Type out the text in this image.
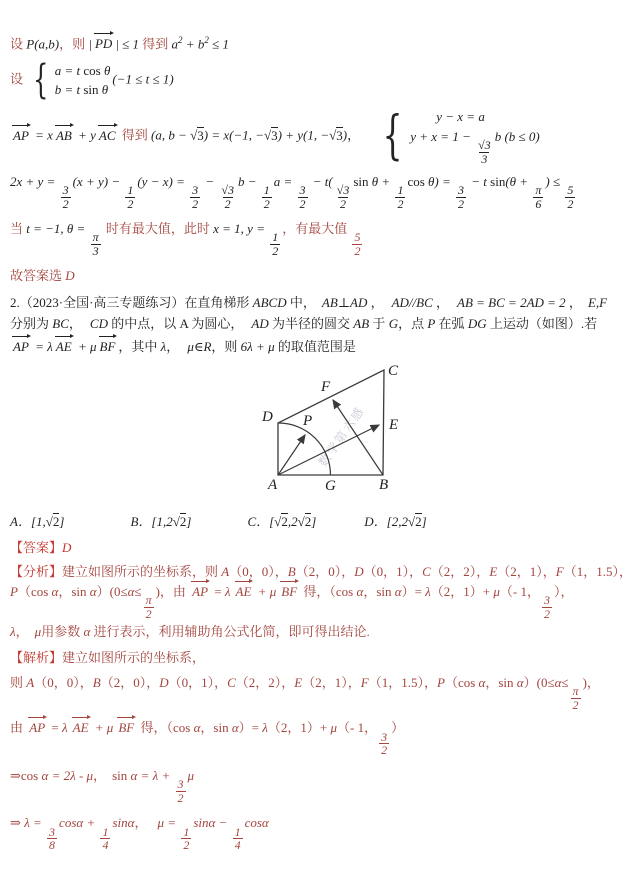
设 P(a,b)，则 | PD | ≤ 1 得到 $a^2 + b^2 \le 1$
设 { a = t cos θ
b = t sin θ
(−1 ≤ t ≤ 1)
AP = x AB + y AC 得到 (a, b − √3) = x(−1, −√3) + y(1, −√3)， {	y − x = a
y + x = 1 −
$\frac{√3}{3}$
b (b ≤ 0)
2x + y =
$\frac{3}{2}$
(x + y) −
$\frac{1}{2}$
(y − x) =
$\frac{3}{2}$
−
$\frac{√3}{2}$
b −
$\frac{1}{2}$
a =
$\frac{3}{2}$
− t(
$\frac{√3}{2}$
sin θ +
$\frac{1}{2}$
cos θ) =
$\frac{3}{2}$
− t sin(θ +
$\frac{\pi}{6}$
) ≤
$\frac{5}{2}$
当 t = −1, θ =
$\frac{\pi}{3}$
时有最大值，此时 x = 1, y =
$\frac{1}{2}$
，有最大值
$\frac{5}{2}$
故答案选 D
2.（2023·全国·高三专题练习）在直角梯形 ABCD 中， AB⊥AD ， AD//BC ， AB = BC = 2AD = 2 ， E,F
分别为 BC， CD 的中点，以 A 为圆心， AD 为半径的圆交 AB 于 G，点 P 在弧 DG 上运动（如图）.若
AP = λ AE + μ BF ，其中 λ， μ∈R，则 6λ + μ 的取值范围是
数学第六感
A	B
C
D	E
F
G
P
A．[1,√2]	B．[1,2√2]	C．[√2,2√2]	D．[2,2√2]
【答案】D
【分析】建立如图所示的坐标系，则 A（0，0），B（2，0），D（0，1），C（2，2），E（2，1），F（1，1.5），
P（cos α，sin α）(0≤α≤
$\frac{\pi}{2}$
)，由 AP = λ AE + μ BF 得，（cos α，sin α）= λ（2，1）+ μ（- 1，
$\frac{3}{2}$
），
λ， μ用参数 α 进行表示，利用辅助角公式化简，即可得出结论.
【解析】建立如图所示的坐标系，
则 A（0，0），B（2，0），D（0，1），C（2，2），E（2，1），F（1，1.5），P（cos α，sin α）(0≤α≤
$\frac{\pi}{2}$
)，
由 AP = λ AE + μ BF 得，（cos α，sin α）= λ（2，1）+ μ（- 1，
$\frac{3}{2}$
）
⇒cos α = 2λ - μ， sin α = λ +
$\frac{3}{2}$
μ
⇒ λ =
$\frac{3}{8}$
cosα +
$\frac{1}{4}$
sinα， μ =
$\frac{1}{2}$
sinα −
$\frac{1}{4}$
cosα
